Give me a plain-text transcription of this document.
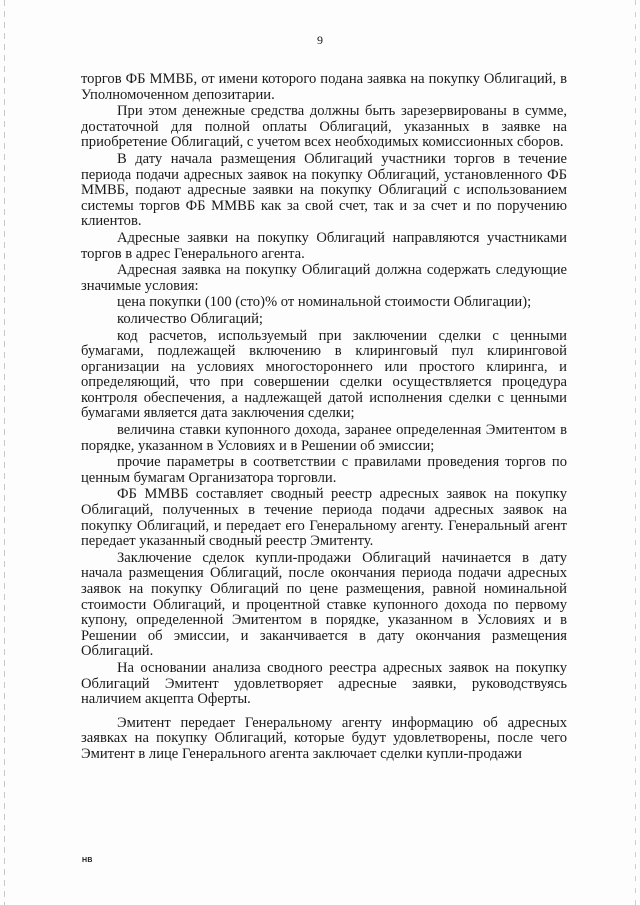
9

торгов ФБ ММВБ, от имени которого подана заявка на покупку Облигаций, в Уполномоченном депозитарии.

При этом денежные средства должны быть зарезервированы в сумме, достаточной для полной оплаты Облигаций, указанных в заявке на приобретение Облигаций, с учетом всех необходимых комиссионных сборов.

В дату начала размещения Облигаций участники торгов в течение периода подачи адресных заявок на покупку Облигаций, установленного ФБ ММВБ, подают адресные заявки на покупку Облигаций с использованием системы торгов ФБ ММВБ как за свой счет, так и за счет и по поручению клиентов.

Адресные заявки на покупку Облигаций направляются участниками торгов в адрес Генерального агента.

Адресная заявка на покупку Облигаций должна содержать следующие значимые условия:

цена покупки (100 (сто)% от номинальной стоимости Облигации);

количество Облигаций;

код расчетов, используемый при заключении сделки с ценными бумагами, подлежащей включению в клиринговый пул клиринговой организации на условиях многостороннего или простого клиринга, и определяющий, что при совершении сделки осуществляется процедура контроля обеспечения, а надлежащей датой исполнения сделки с ценными бумагами является дата заключения сделки;

величина ставки купонного дохода, заранее определенная Эмитентом в порядке, указанном в Условиях и в Решении об эмиссии;

прочие параметры в соответствии с правилами проведения торгов по ценным бумагам Организатора торговли.

ФБ ММВБ составляет сводный реестр адресных заявок на покупку Облигаций, полученных в течение периода подачи адресных заявок на покупку Облигаций, и передает его Генеральному агенту. Генеральный агент передает указанный сводный реестр Эмитенту.

Заключение сделок купли-продажи Облигаций начинается в дату начала размещения Облигаций, после окончания периода подачи адресных заявок на покупку Облигаций по цене размещения, равной номинальной стоимости Облигаций, и процентной ставке купонного дохода по первому купону, определенной Эмитентом в порядке, указанном в Условиях и в Решении об эмиссии, и заканчивается в дату окончания размещения Облигаций.

На основании анализа сводного реестра адресных заявок на покупку Облигаций Эмитент удовлетворяет адресные заявки, руководствуясь наличием акцепта Оферты.

Эмитент передает Генеральному агенту информацию об адресных заявках на покупку Облигаций, которые будут удовлетворены, после чего Эмитент в лице Генерального агента заключает сделки купли-продажи

НВ
